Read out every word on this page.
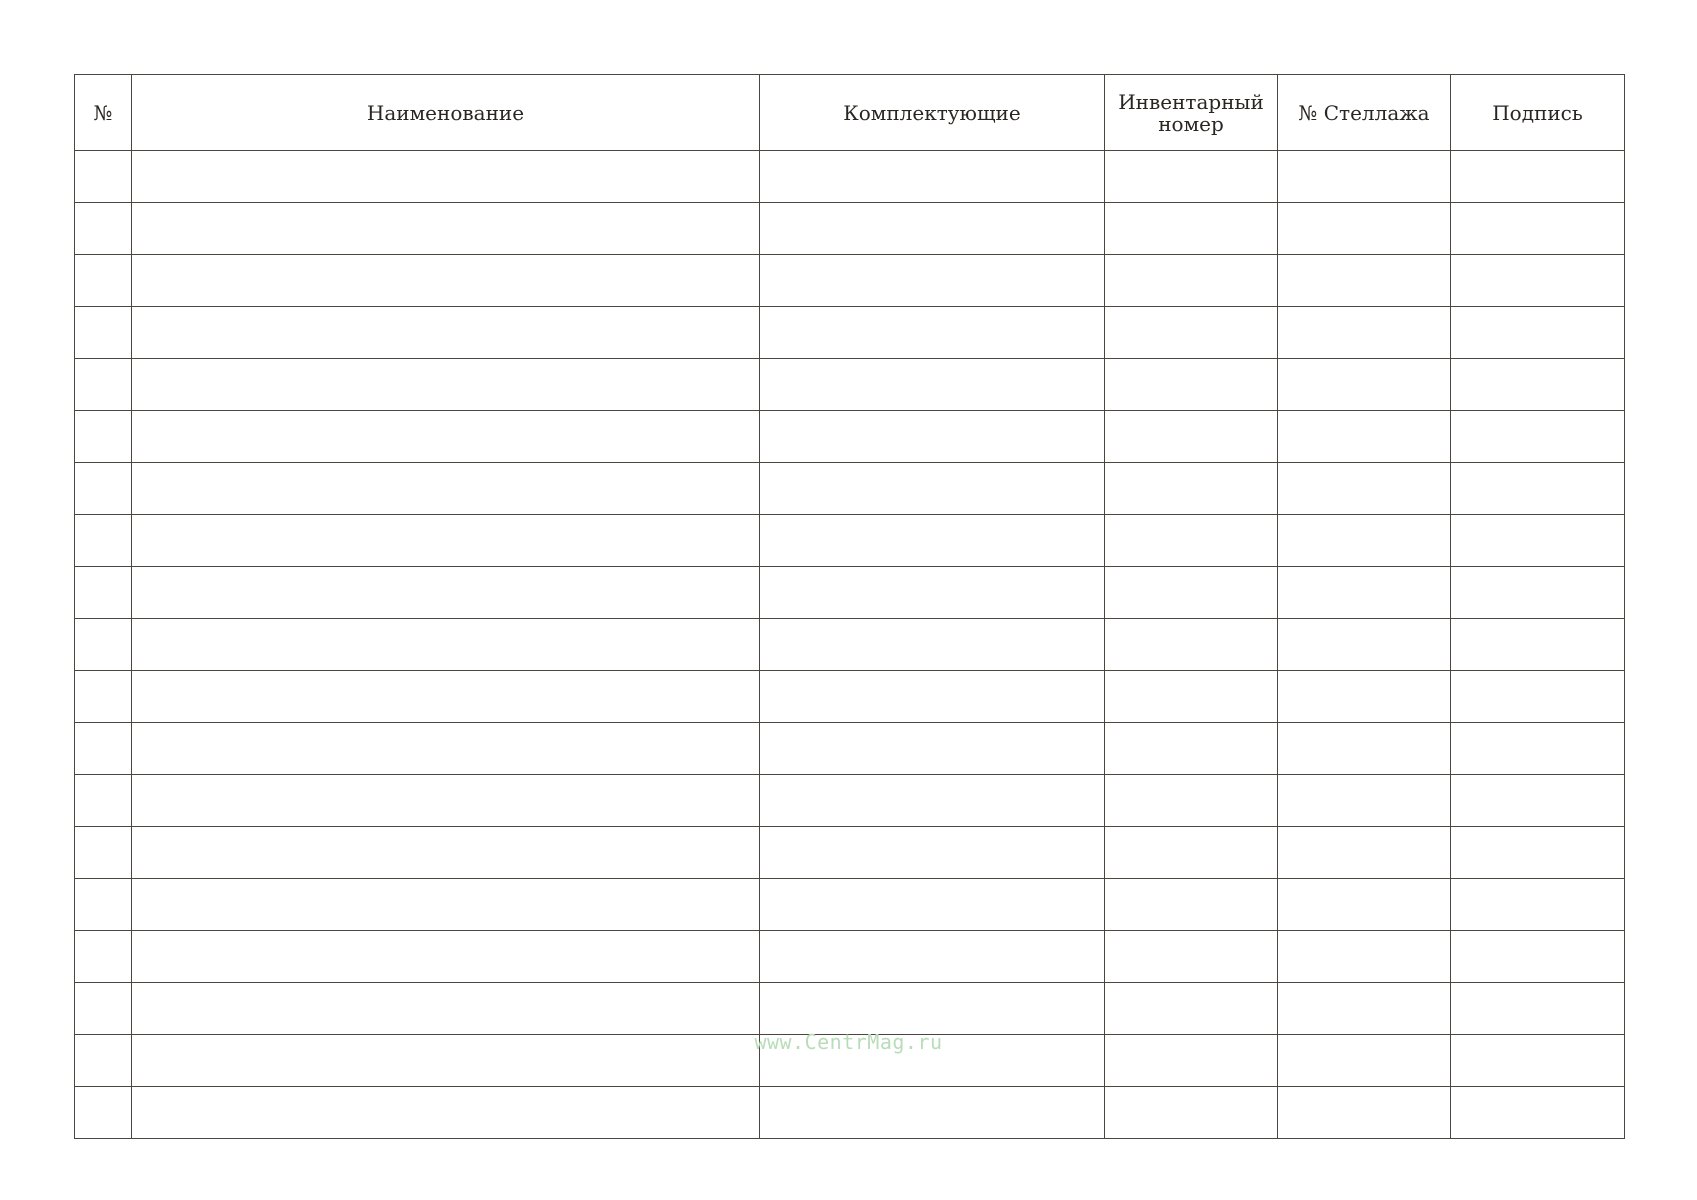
№	Наименование	Комплектующие	Инвентарный номер	№ Стеллажа	Подпись

www.CentrMag.ru
